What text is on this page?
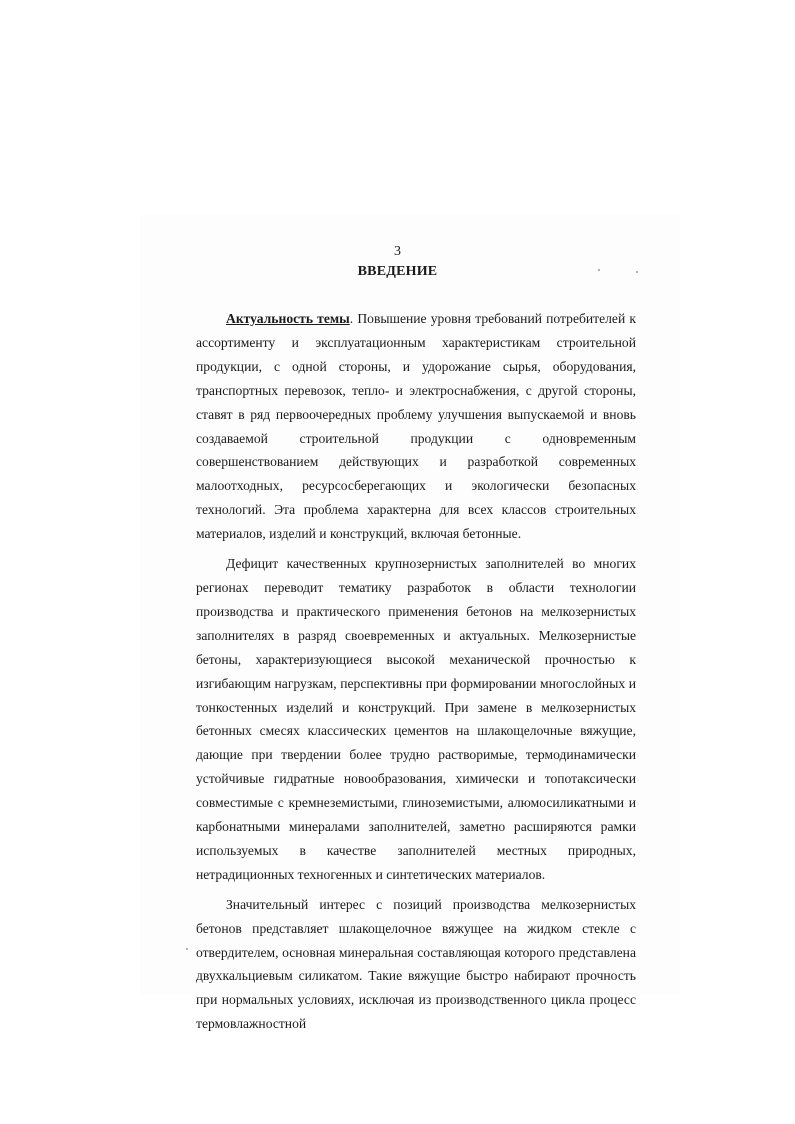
3
ВВЕДЕНИЕ

Актуальность темы. Повышение уровня требований потребителей к ассортименту и эксплуатационным характеристикам строительной продукции, с одной стороны, и удорожание сырья, оборудования, транспортных перевозок, тепло- и электроснабжения, с другой стороны, ставят в ряд первоочередных проблему улучшения выпускаемой и вновь создаваемой строительной продукции с одновременным совершенствованием действующих и разработкой современных малоотходных, ресурсосберегающих и экологически безопасных технологий. Эта проблема характерна для всех классов строительных материалов, изделий и конструкций, включая бетонные.

Дефицит качественных крупнозернистых заполнителей во многих регионах переводит тематику разработок в области технологии производства и практического применения бетонов на мелкозернистых заполнителях в разряд своевременных и актуальных. Мелкозернистые бетоны, характеризующиеся высокой механической прочностью к изгибающим нагрузкам, перспективны при формировании многослойных и тонкостенных изделий и конструкций. При замене в мелкозернистых бетонных смесях классических цементов на шлакощелочные вяжущие, дающие при твердении более трудно растворимые, термодинамически устойчивые гидратные новообразования, химически и топотаксически совместимые с кремнеземистыми, глиноземистыми, алюмосиликатными и карбонатными минералами заполнителей, заметно расширяются рамки используемых в качестве заполнителей местных природных, нетрадиционных техногенных и синтетических материалов.

Значительный интерес с позиций производства мелкозернистых бетонов представляет шлакощелочное вяжущее на жидком стекле с отвердителем, основная минеральная составляющая которого представлена двухкальциевым силикатом. Такие вяжущие быстро набирают прочность при нормальных условиях, исключая из производственного цикла процесс термовлажностной
